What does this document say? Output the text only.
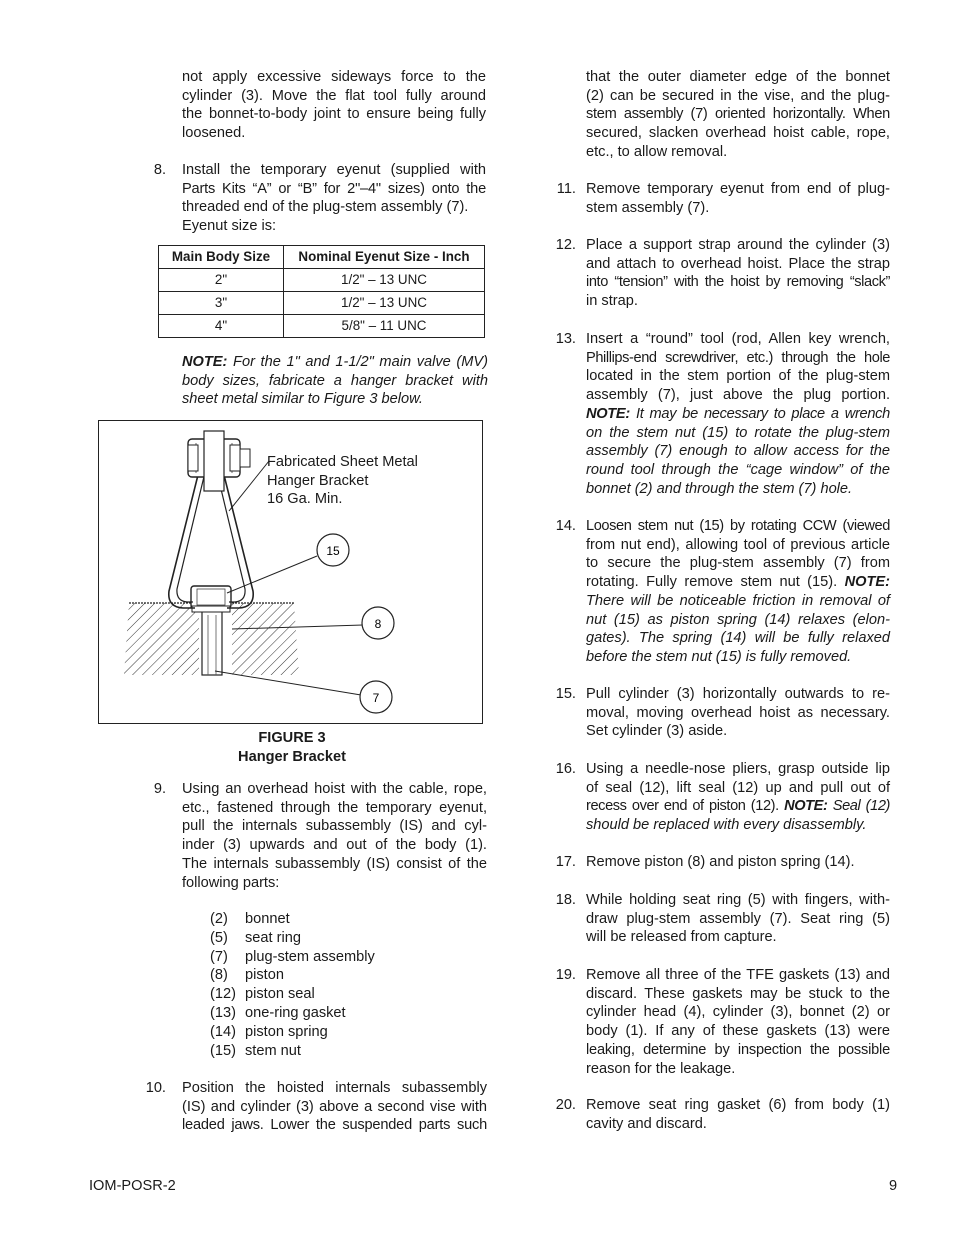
not apply excessive sideways force to the
cylinder (3). Move the flat tool fully around
the bonnet-to-body joint to ensure being fully
loosened.
8. Install the temporary eyenut (supplied with
Parts Kits “A” or “B” for 2"–4" sizes) onto the
threaded end of the plug-stem assembly (7).
Eyenut size is:
Main Body Size	Nominal Eyenut Size - Inch
2"	1/2" – 13 UNC
3"	1/2" – 13 UNC
4"	5/8" – 11 UNC
NOTE: For the 1" and 1-1/2" main valve (MV)
body sizes, fabricate a hanger bracket with
sheet metal similar to Figure 3 below.
15
8
7
Fabricated Sheet Metal
Hanger Bracket
16 Ga. Min.
FIGURE 3
Hanger Bracket
9. Using an overhead hoist with the cable, rope,
etc., fastened through the temporary eyenut,
pull the internals subassembly (IS) and cyl-
inder (3) upwards and out of the body (1).
The internals subassembly (IS) consist of the
following parts:
(2) bonnet
(5) seat ring
(7) plug-stem assembly
(8) piston
(12) piston seal
(13) one-ring gasket
(14) piston spring
(15) stem nut
10. Position the hoisted internals subassembly
(IS) and cylinder (3) above a second vise with
leaded jaws. Lower the suspended parts such
that the outer diameter edge of the bonnet
(2) can be secured in the vise, and the plug-
stem assembly (7) oriented horizontally. When
secured, slacken overhead hoist cable, rope,
etc., to allow removal.
11. Remove temporary eyenut from end of plug-
stem assembly (7).
12. Place a support strap around the cylinder (3)
and attach to overhead hoist. Place the strap
into “tension” with the hoist by removing “slack”
in strap.
13. Insert a “round” tool (rod, Allen key wrench,
Phillips-end screwdriver, etc.) through the hole
located in the stem portion of the plug-stem
assembly (7), just above the plug portion.
NOTE: It may be necessary to place a wrench
on the stem nut (15) to rotate the plug-stem
assembly (7) enough to allow access for the
round tool through the “cage window” of the
bonnet (2) and through the stem (7) hole.
14. Loosen stem nut (15) by rotating CCW (viewed
from nut end), allowing tool of previous article
to secure the plug-stem assembly (7) from
rotating. Fully remove stem nut (15). NOTE:
There will be noticeable friction in removal of
nut (15) as piston spring (14) relaxes (elon-
gates). The spring (14) will be fully relaxed
before the stem nut (15) is fully removed.
15. Pull cylinder (3) horizontally outwards to re-
moval, moving overhead hoist as necessary.
Set cylinder (3) aside.
16. Using a needle-nose pliers, grasp outside lip
of seal (12), lift seal (12) up and pull out of
recess over end of piston (12). NOTE: Seal (12)
should be replaced with every disassembly.
17. Remove piston (8) and piston spring (14).
18. While holding seat ring (5) with fingers, with-
draw plug-stem assembly (7). Seat ring (5)
will be released from capture.
19. Remove all three of the TFE gaskets (13) and
discard. These gaskets may be stuck to the
cylinder head (4), cylinder (3), bonnet (2) or
body (1). If any of these gaskets (13) were
leaking, determine by inspection the possible
reason for the leakage.
20. Remove seat ring gasket (6) from body (1)
cavity and discard.
IOM-POSR-2	9
